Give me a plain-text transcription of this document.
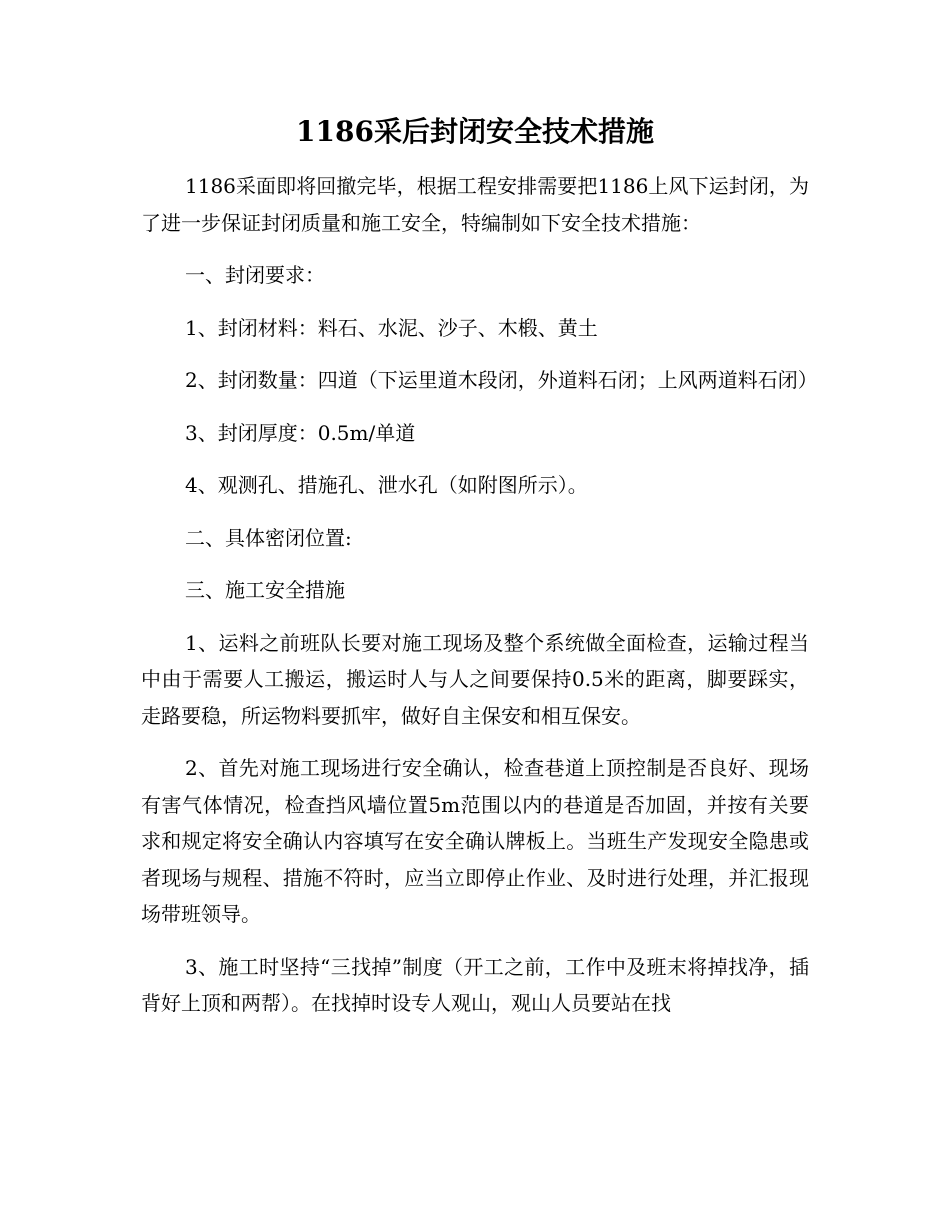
1186采后封闭安全技术措施

1186采面即将回撤完毕，根据工程安排需要把1186上风下运封闭，为了进一步保证封闭质量和施工安全，特编制如下安全技术措施：

一、封闭要求：

1、封闭材料：料石、水泥、沙子、木椴、黄土

2、封闭数量：四道（下运里道木段闭，外道料石闭；上风两道料石闭）

3、封闭厚度：0.5m/单道

4、观测孔、措施孔、泄水孔（如附图所示）。

二、具体密闭位置:

三、施工安全措施

1、运料之前班队长要对施工现场及整个系统做全面检查，运输过程当中由于需要人工搬运，搬运时人与人之间要保持0.5米的距离，脚要踩实，走路要稳，所运物料要抓牢，做好自主保安和相互保安。

2、首先对施工现场进行安全确认，检查巷道上顶控制是否良好、现场有害气体情况，检查挡风墙位置5m范围以内的巷道是否加固，并按有关要求和规定将安全确认内容填写在安全确认牌板上。当班生产发现安全隐患或者现场与规程、措施不符时，应当立即停止作业、及时进行处理，并汇报现场带班领导。

3、施工时坚持“三找掉”制度（开工之前，工作中及班末将掉找净，插背好上顶和两帮）。在找掉时设专人观山，观山人员要站在找
